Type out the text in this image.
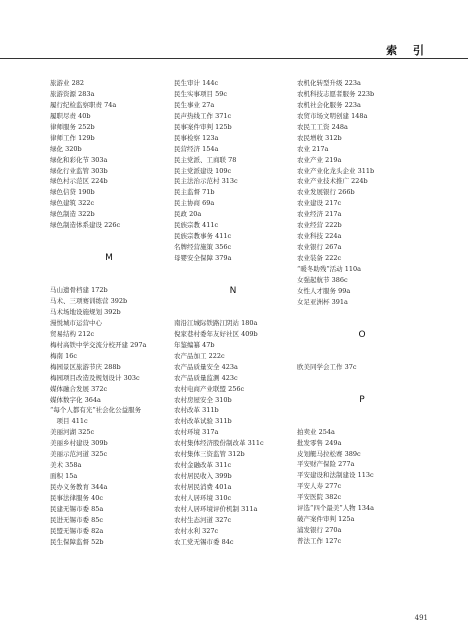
索 引
旅游业 282
旅游资源 283a
履行纪检监察职责 74a
履职尽责 40b
律师服务 252b
律师工作 129b
绿化 320b
绿化和彩化节 303a
绿化行业监管 303b
绿色村示范区 224b
绿色信贷 190b
绿色建筑 322c
绿色制造 322b
绿色制造体系建设 226c
M
马山遗骨档建 172b
马术、三项赛训练营 392b
马术场地设施规划 392b
漫悦城市运营中心
贸易结构 212c
梅村高铁中学交流分校开建 297a
梅南 16c
梅园景区旅游节庆 288b
梅园项目改造及规划设计 303c
媒体融合发展 372c
媒体数字化 364a
“每个人都有光”社会化公益服务
　项目 411c
美丽河湖 325c
美丽乡村建设 309b
美丽示范河道 325c
美术 358a
面积 15a
民办义务教育 344a
民事法律服务 40c
民建无锡市委 85a
民进无锡市委 85c
民盟无锡市委 82a
民生保障监督 52b
民生审计 144c
民生实事项目 59c
民生事业 27a
民声热线工作 371c
民事案件审判 125b
民事检察 123a
民营经济 154a
民主党派、工商联 78
民主党派建设 109c
民主法治示范村 313c
民主监督 71b
民主协商 69a
民政 20a
民族宗教 411c
民族宗教事务 411c
名牌经营施策 356c
母婴安全保障 379a
N
南沿江城际铁路江阴站 180a
倪家巷村委年友好社区 409b
年鉴编纂 47b
农产品加工 222c
农产品质量安全 423a
农产品质量监测 423c
农村电商产业联盟 256c
农村房屋安全 310b
农村改革 311b
农村改革试验 311b
农村环境 317a
农村集体经济股份制改革 311c
农村集体三资监管 312b
农村金融改革 311c
农村居民收入 399b
农村居民消费 401a
农村人居环境 310c
农村人居环境评价机制 311a
农村生态河道 327c
农村水利 327c
农工党无锡市委 84c
农机化转型升级 223a
农机科技志愿者服务 223b
农机社会化服务 223a
农贸市场文明创建 148a
农民工工资 248a
农民增收 312b
农业 217a
农业产业 219a
农业产业化龙头企业 311b
农业产业技术推广 224b
农业发展银行 266b
农业建设 217c
农业经济 217a
农业经营 222b
农业科技 224a
农业银行 267a
农业装备 222c
“暖冬助残”活动 110a
女强起航节 386c
女性人才服务 99a
女足亚洲杯 391a
O
欧美同学会工作 37c
P
拍卖业 254a
批发零售 249a
皮划艇马拉松赛 389c
平安财产保险 277a
平安建设和法制建设 113c
平安人寿 277c
平安医院 382c
评选“四个最美”人物 134a
破产案件审判 125a
浦发银行 270a
普法工作 127c
491
